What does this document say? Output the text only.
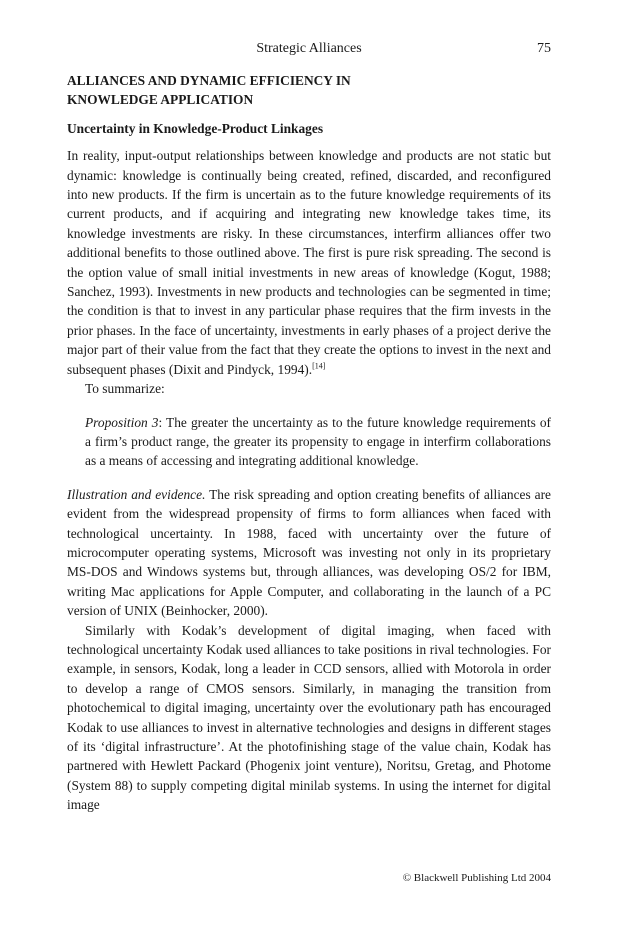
Strategic Alliances	75
ALLIANCES AND DYNAMIC EFFICIENCY IN
KNOWLEDGE APPLICATION
Uncertainty in Knowledge-Product Linkages

In reality, input-output relationships between knowledge and products are not static but dynamic: knowledge is continually being created, refined, discarded, and reconfigured into new products. If the firm is uncertain as to the future knowledge requirements of its current products, and if acquiring and integrating new knowledge takes time, its knowledge investments are risky. In these circumstances, interfirm alliances offer two additional benefits to those outlined above. The first is pure risk spreading. The second is the option value of small initial investments in new areas of knowledge (Kogut, 1988; Sanchez, 1993). Investments in new products and technologies can be segmented in time; the condition is that to invest in any particular phase requires that the firm invests in the prior phases. In the face of uncertainty, investments in early phases of a project derive the major part of their value from the fact that they create the options to invest in the next and subsequent phases (Dixit and Pindyck, 1994).[14]

To summarize:

Proposition 3: The greater the uncertainty as to the future knowledge requirements of a firm’s product range, the greater its propensity to engage in interfirm collaborations as a means of accessing and integrating additional knowledge.

Illustration and evidence. The risk spreading and option creating benefits of alliances are evident from the widespread propensity of firms to form alliances when faced with technological uncertainty. In 1988, faced with uncertainty over the future of microcomputer operating systems, Microsoft was investing not only in its proprietary MS-DOS and Windows systems but, through alliances, was developing OS/2 for IBM, writing Mac applications for Apple Computer, and collaborating in the launch of a PC version of UNIX (Beinhocker, 2000).

Similarly with Kodak’s development of digital imaging, when faced with technological uncertainty Kodak used alliances to take positions in rival technologies. For example, in sensors, Kodak, long a leader in CCD sensors, allied with Motorola in order to develop a range of CMOS sensors. Similarly, in managing the transition from photochemical to digital imaging, uncertainty over the evolutionary path has encouraged Kodak to use alliances to invest in alternative technologies and designs in different stages of its ‘digital infrastructure’. At the photofinishing stage of the value chain, Kodak has partnered with Hewlett Packard (Phogenix joint venture), Noritsu, Gretag, and Photome (System 88) to supply competing digital minilab systems. In using the internet for digital image

© Blackwell Publishing Ltd 2004
